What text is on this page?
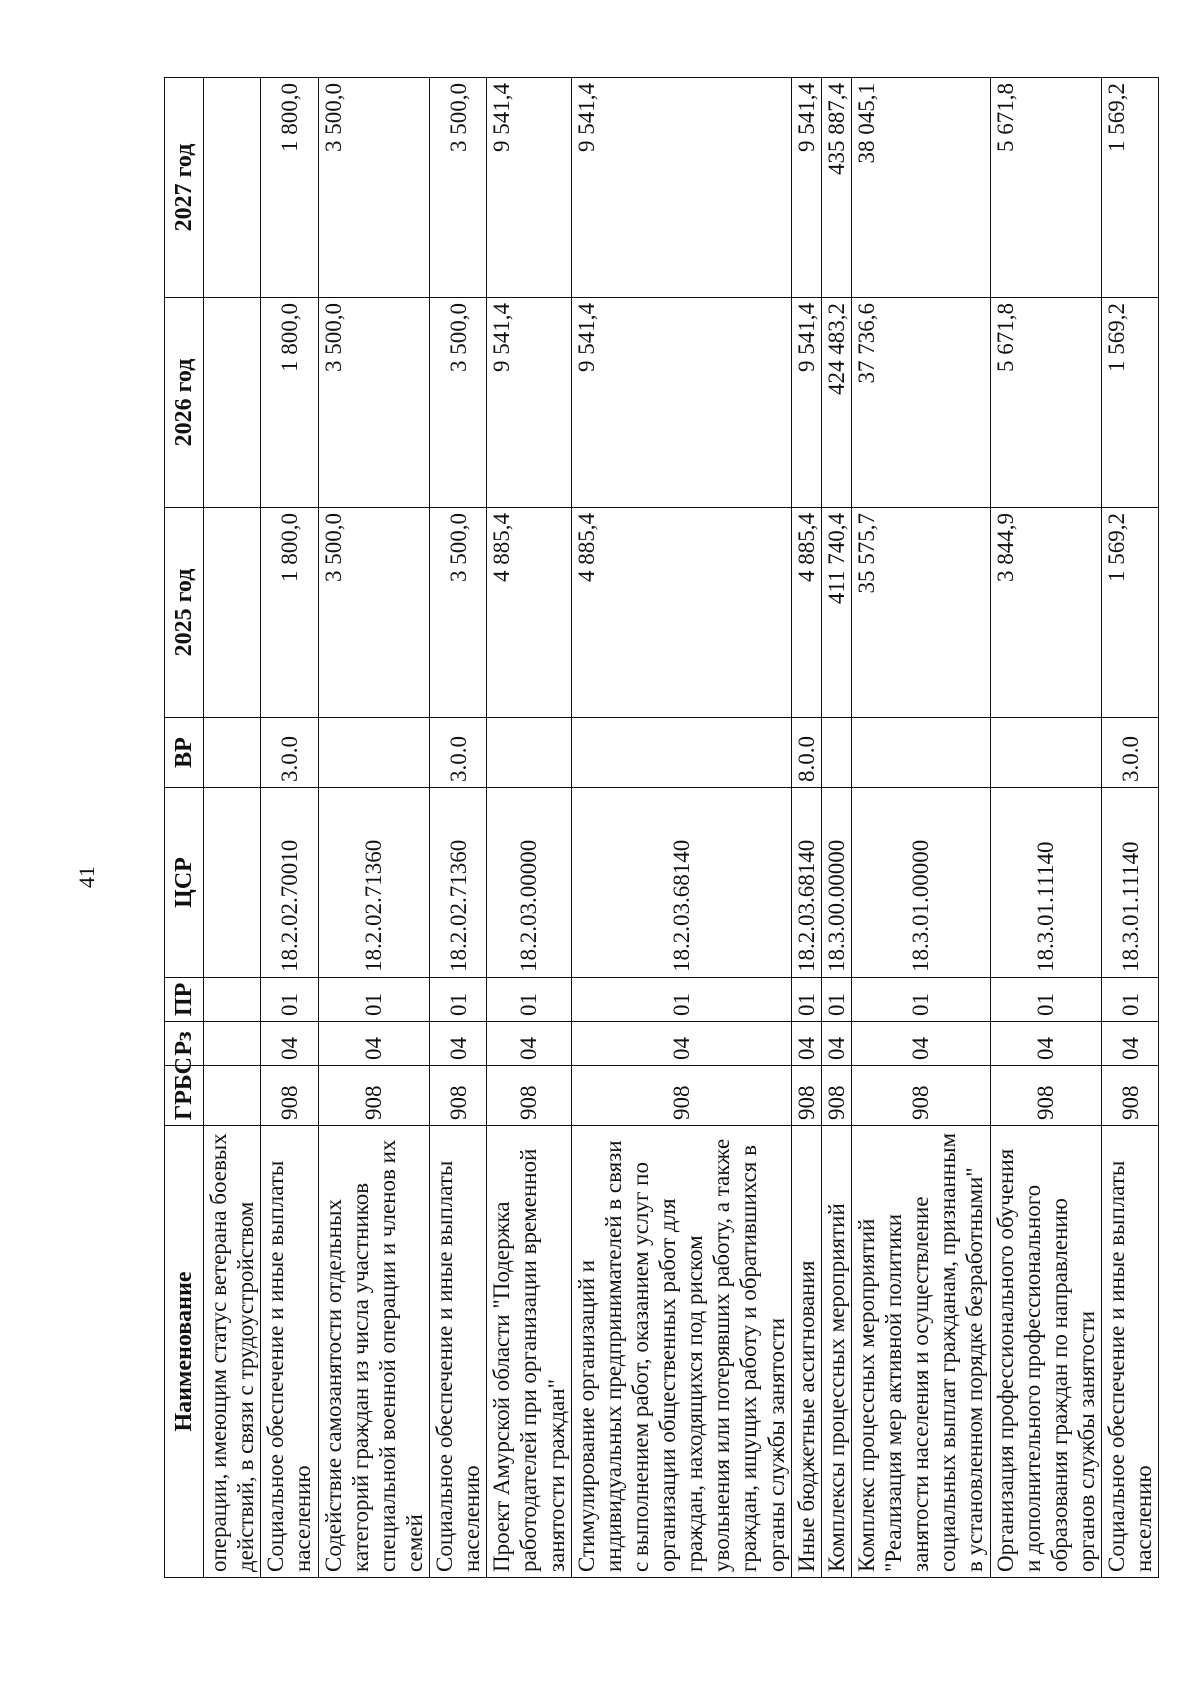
41
Наименование	ГРБС	Рз	ПР	ЦСР	ВР	2025 год	2026 год	2027 год
операции, имеющим статус ветерана боевых действий, в связи с трудоустройством								
Социальное обеспечение и иные выплаты населению	908	04	01	18.2.02.70010	3.0.0	1 800,0	1 800,0	1 800,0
Содействие самозанятости отдельных категорий граждан из числа участников специальной военной операции и членов их семей	908	04	01	18.2.02.71360		3 500,0	3 500,0	3 500,0
Социальное обеспечение и иные выплаты населению	908	04	01	18.2.02.71360	3.0.0	3 500,0	3 500,0	3 500,0
Проект Амурской области "Подержка работодателей при организации временной занятости граждан"	908	04	01	18.2.03.00000		4 885,4	9 541,4	9 541,4
Стимулирование организаций и индивидуальных предпринимателей в связи с выполнением работ, оказанием услуг по организации общественных работ для граждан, находящихся под риском увольнения или потерявших работу, а также граждан, ищущих работу и обратившихся в органы службы занятости	908	04	01	18.2.03.68140		4 885,4	9 541,4	9 541,4
Иные бюджетные ассигнования	908	04	01	18.2.03.68140	8.0.0	4 885,4	9 541,4	9 541,4
Комплексы процессных мероприятий	908	04	01	18.3.00.00000		411 740,4	424 483,2	435 887,4
Комплекс процессных мероприятий "Реализация мер активной политики занятости населения и осуществление социальных выплат гражданам, признанным в установленном порядке безработными"	908	04	01	18.3.01.00000		35 575,7	37 736,6	38 045,1
Организация профессионального обучения и дополнительного профессионального образования граждан по направлению органов службы занятости	908	04	01	18.3.01.11140		3 844,9	5 671,8	5 671,8
Социальное обеспечение и иные выплаты населению	908	04	01	18.3.01.11140	3.0.0	1 569,2	1 569,2	1 569,2
